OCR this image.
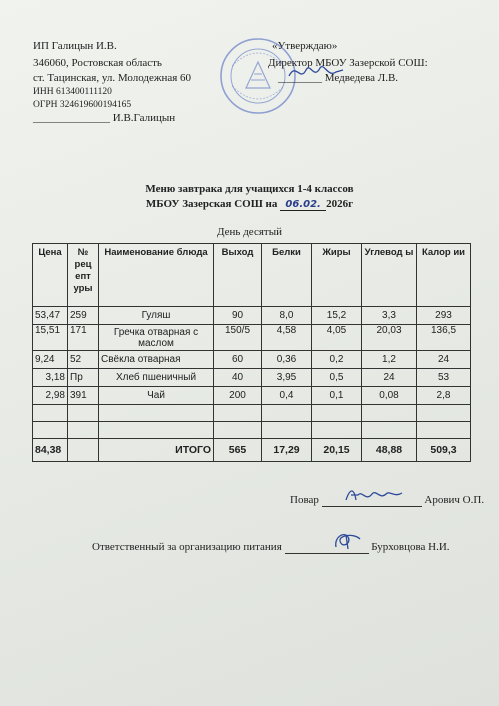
ИП Галицын И.В.
346060, Ростовская область
ст. Тацинская, ул. Молодежная 60
ИНН 613400111120
ОГРН 324619600194165
______________ И.В.Галицын
«Утверждаю»
Директор МБОУ Зазерской СОШ:
________ Медведева Л.В.
Меню завтрака для учащихся 1-4 классов
МБОУ Зазерская СОШ на 06.02. 2026г
День десятый
Цена	№ рец епт уры	Наименование блюда	Выход	Белки	Жиры	Углевод ы	Калор ии
53,47	259	Гуляш	90	8,0	15,2	3,3	293
15,51	171	Гречка отварная с маслом	150/5	4,58	4,05	20,03	136,5
9,24	52	Свёкла отварная	60	0,36	0,2	1,2	24
3,18	Пр	Хлеб пшеничный	40	3,95	0,5	24	53
2,98	391	Чай	200	0,4	0,1	0,08	2,8

84,38		ИТОГО	565	17,29	20,15	48,88	509,3
Повар	Арович О.П.
Ответственный за организацию питания	Бурховцова Н.И.
